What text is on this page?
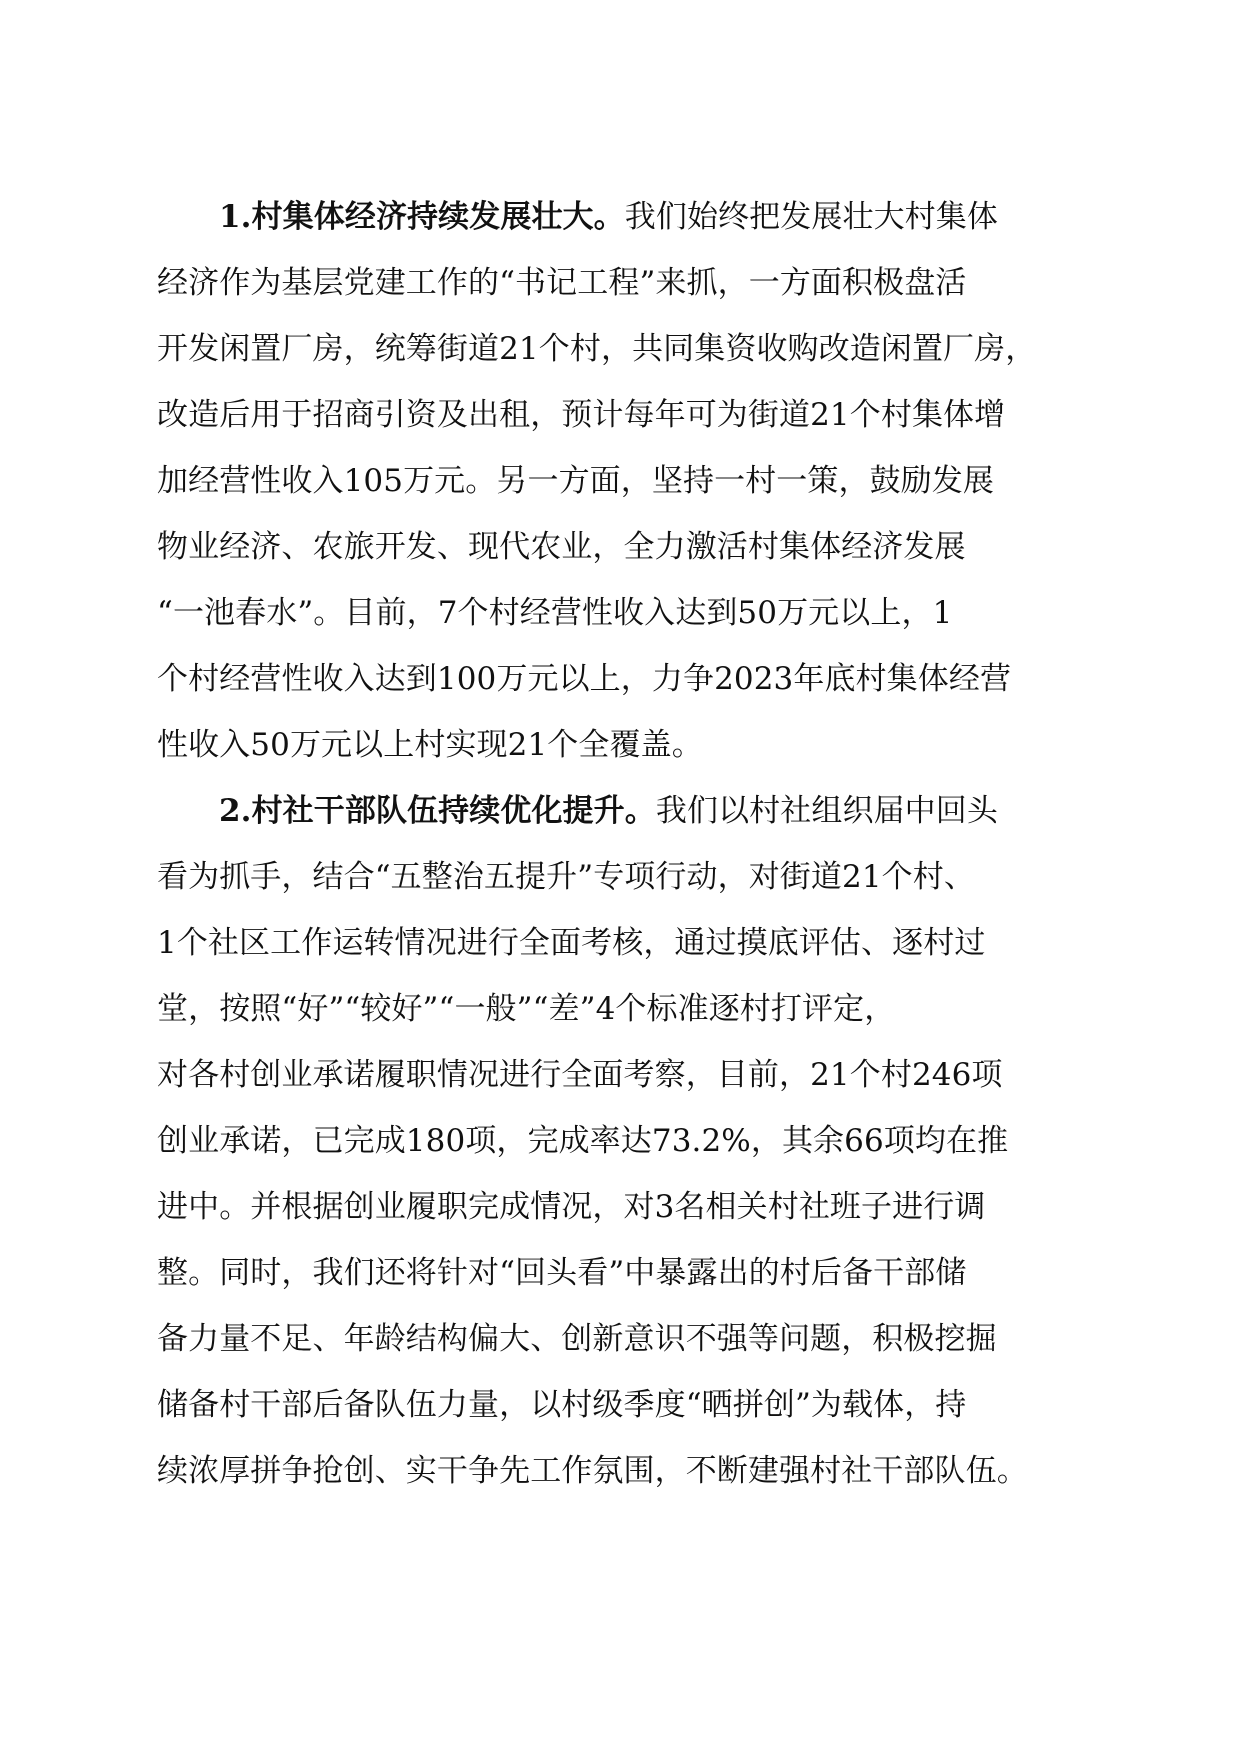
1.村集体经济持续发展壮大。我们始终把发展壮大村集体
经济作为基层党建工作的“书记工程”来抓，一方面积极盘活
开发闲置厂房，统筹街道21个村，共同集资收购改造闲置厂房，
改造后用于招商引资及出租，预计每年可为街道21个村集体增
加经营性收入105万元。另一方面，坚持一村一策，鼓励发展
物业经济、农旅开发、现代农业，全力激活村集体经济发展
“一池春水”。目前，7个村经营性收入达到50万元以上，1
个村经营性收入达到100万元以上，力争2023年底村集体经营
性收入50万元以上村实现21个全覆盖。
2.村社干部队伍持续优化提升。我们以村社组织届中回头
看为抓手，结合“五整治五提升”专项行动，对街道21个村、
1个社区工作运转情况进行全面考核，通过摸底评估、逐村过
堂，按照“好”“较好”“一般”“差”4个标准逐村打评定，
对各村创业承诺履职情况进行全面考察，目前，21个村246项
创业承诺，已完成180项，完成率达73.2%，其余66项均在推
进中。并根据创业履职完成情况，对3名相关村社班子进行调
整。同时，我们还将针对“回头看”中暴露出的村后备干部储
备力量不足、年龄结构偏大、创新意识不强等问题，积极挖掘
储备村干部后备队伍力量，以村级季度“晒拼创”为载体，持
续浓厚拼争抢创、实干争先工作氛围，不断建强村社干部队伍。
